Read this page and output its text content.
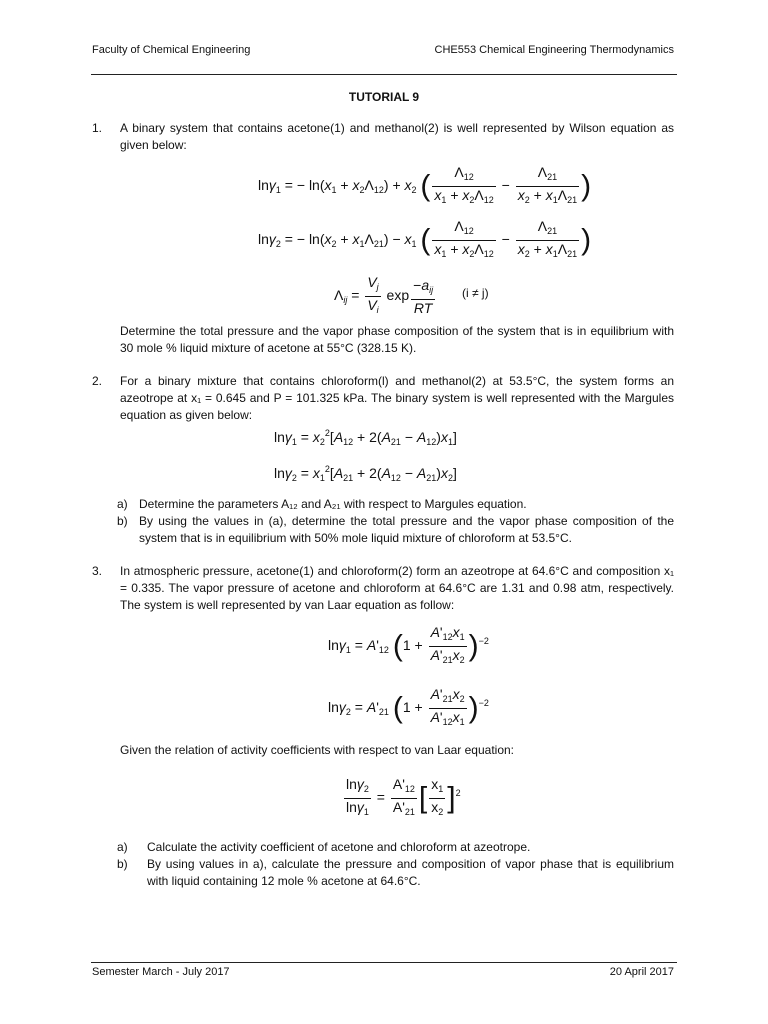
Faculty of Chemical Engineering	CHE553 Chemical Engineering Thermodynamics
TUTORIAL 9
1. A binary system that contains acetone(1) and methanol(2) is well represented by Wilson equation as given below:
lnγ$_1$ = − $\ln(x_1 + x_2\Lambda_{12}) + x_2$ ( $\frac{\Lambda_{12}}{x_1 + x_2\Lambda_{12}} - \frac{\Lambda_{21}}{x_2 + x_1\Lambda_{21}}$ )
lnγ$_2$ = − $\ln(x_2 + x_1\Lambda_{21}) - x_1$ ( $\frac{\Lambda_{12}}{x_1 + x_2\Lambda_{12}} - \frac{\Lambda_{21}}{x_2 + x_1\Lambda_{21}}$ )
$\Lambda_{ij} = \frac{V_j}{V_i}$ $\exp \frac{-a_{ij}}{RT} (i \ne j)$
Determine the total pressure and the vapor phase composition of the system that is in equilibrium with 30 mole % liquid mixture of acetone at 55°C (328.15 K).
2. For a binary mixture that contains chloroform(l) and methanol(2) at 53.5°C, the system forms an azeotrope at x₁ = 0.645 and P = 101.325 kPa. The binary system is well represented with the Margules equation as given below:
$\ln\gamma_1 = x_2^2[A_{12} + 2(A_{21} - A_{12})x_1]$
$\ln\gamma_2 = x_1^2[A_{21} + 2(A_{12} - A_{21})x_2]$
a) Determine the parameters A₁₂ and A₂₁ with respect to Margules equation.
b) By using the values in (a), determine the total pressure and the vapor phase composition of the system that is in equilibrium with 50% mole liquid mixture of chloroform at 53.5°C.
3. In atmospheric pressure, acetone(1) and chloroform(2) form an azeotrope at 64.6°C and composition x₁ = 0.335. The vapor pressure of acetone and chloroform at 64.6°C are 1.31 and 0.98 atm, respectively. The system is well represented by van Laar equation as follow:
$\ln\gamma_1 = A'_{12}$ $(1 + \frac{A'_{12}x_1}{A'_{21}x_2} )^{-2}$
$\ln\gamma_2 = A'_{21}$ $(1 + \frac{A'_{21}x_2}{A'_{12}x_1} )^{-2}$
Given the relation of activity coefficients with respect to van Laar equation:
$\frac{\ln\gamma_2}{\ln\gamma_1} = \frac{A'_{12}}{A'_{21}}$ [ $\frac{x_1}{x_2} ]^2$
a) Calculate the activity coefficient of acetone and chloroform at azeotrope.
b) By using values in a), calculate the pressure and composition of vapor phase that is equilibrium with liquid containing 12 mole % acetone at 64.6°C.
Semester March - July 2017	20 April 2017
